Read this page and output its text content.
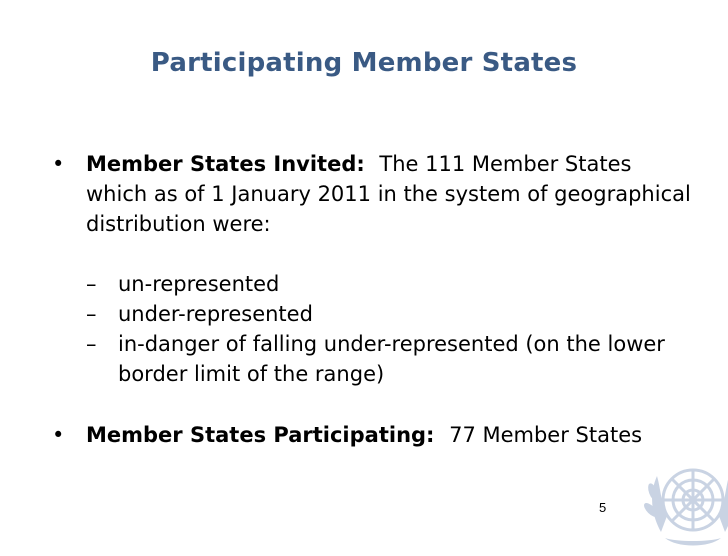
Participating Member States
• Member States Invited:  The 111 Member States which as of 1 January 2011 in the system of geographical distribution were:
– un-represented
– under-represented
– in-danger of falling under-represented (on the lower border limit of the range)
• Member States Participating:  77 Member States
5
